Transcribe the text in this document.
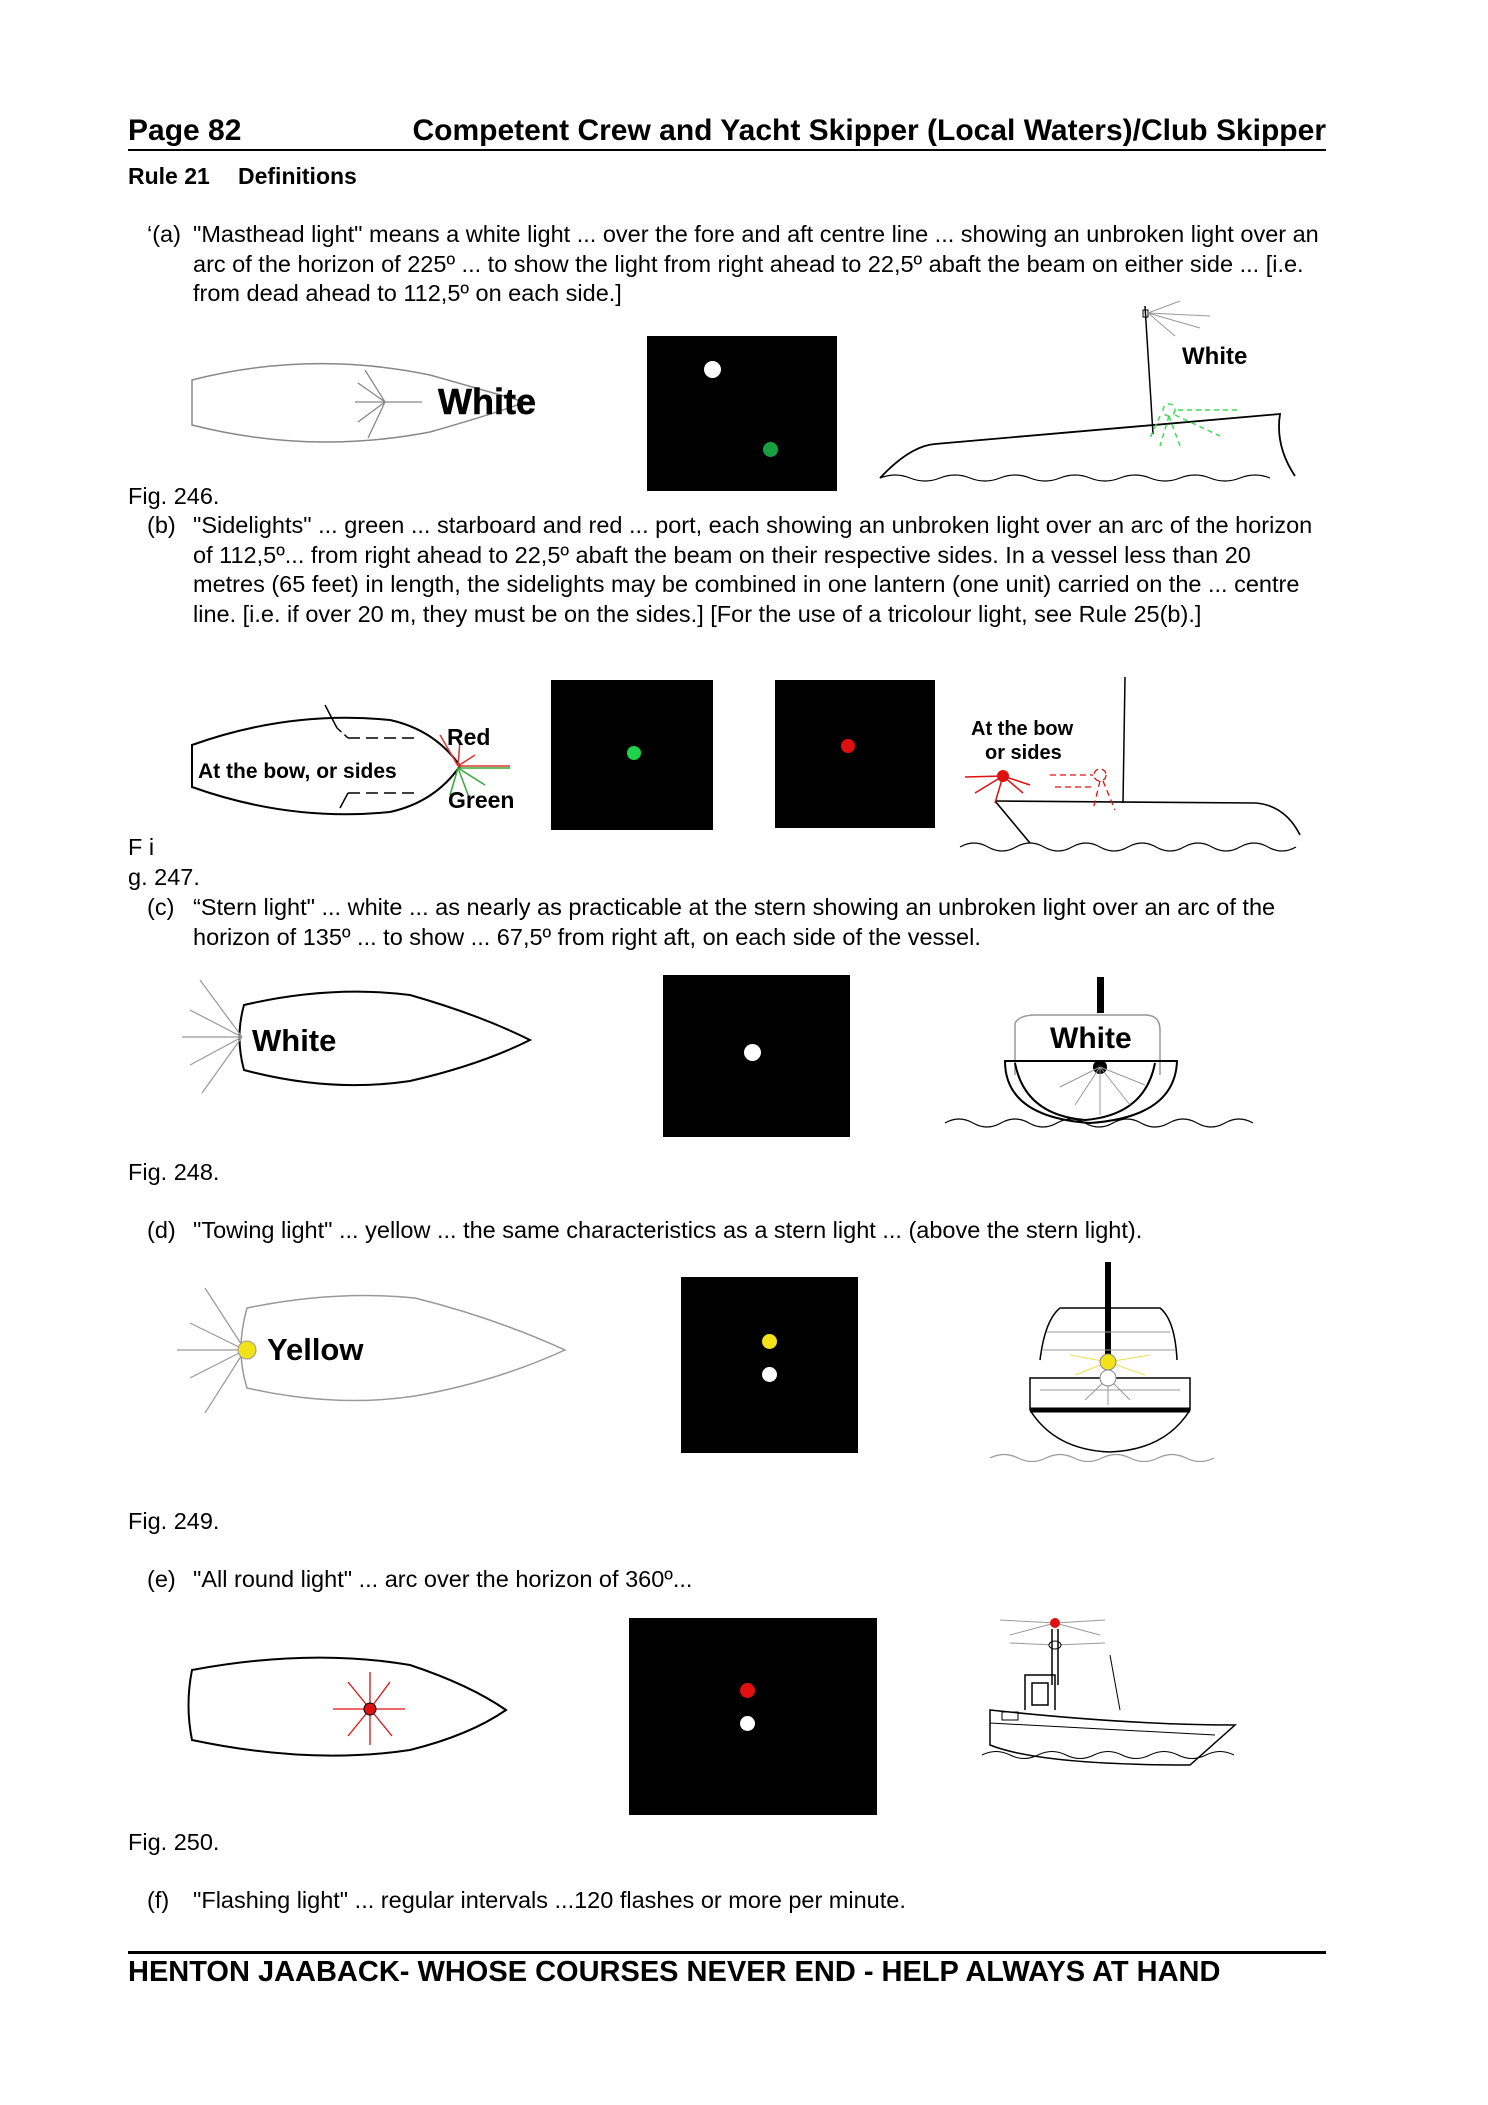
Page 82	Competent Crew and Yacht Skipper (Local Waters)/Club Skipper
Rule 21 Definitions
‘(a) "Masthead light" means a white light ... over the fore and aft centre line ... showing an unbroken light over an arc of the horizon of 225º ... to show the light from right ahead to 22,5º abaft the beam on either side ... [i.e. from dead ahead to 112,5º on each side.]
White
White
Fig. 246.
(b) "Sidelights" ... green ... starboard and red ... port, each showing an unbroken light over an arc of the horizon of 112,5º... from right ahead to 22,5º abaft the beam on their respective sides. In a vessel less than 20 metres (65 feet) in length, the sidelights may be combined in one lantern (one unit) carried on the ... centre line. [i.e. if over 20 m, they must be on the sides.] [For the use of a tricolour light, see Rule 25(b).]
At the bow, or sides
Red
Green
At the bow
or sides
F i
g. 247.
(c) “Stern light" ... white ... as nearly as practicable at the stern showing an unbroken light over an arc of the horizon of 135º ... to show ... 67,5º from right aft, on each side of the vessel.
White	White
Fig. 248.
(d) "Towing light" ... yellow ... the same characteristics as a stern light ... (above the stern light).
Yellow
Fig. 249.
(e) "All round light" ... arc over the horizon of 360º...
Fig. 250.
(f) "Flashing light" ... regular intervals ...120 flashes or more per minute.
HENTON JAABACK- WHOSE COURSES NEVER END - HELP ALWAYS AT HAND
